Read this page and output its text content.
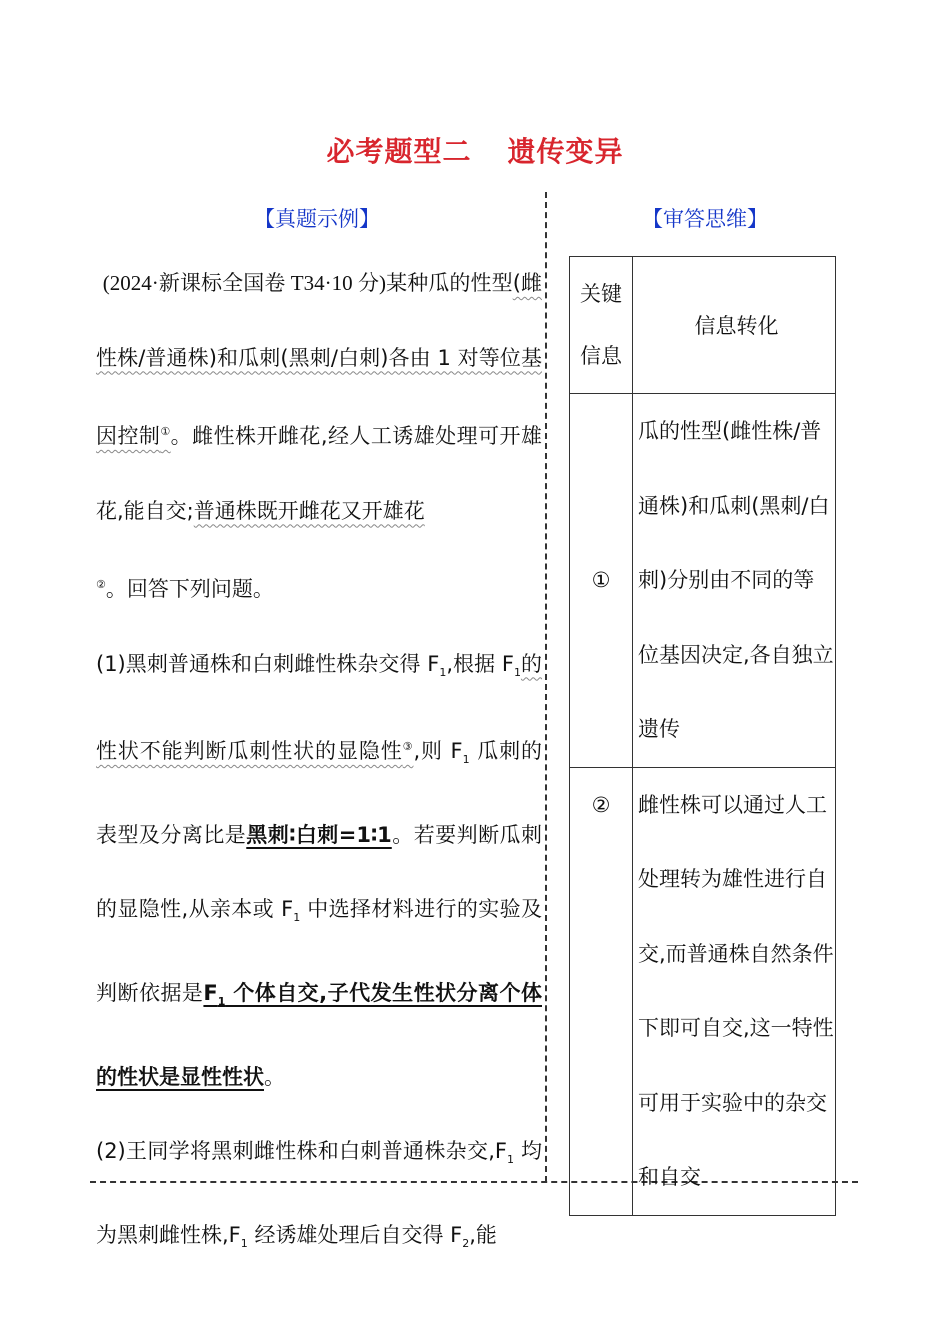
必考题型二 遗传变异
【真题示例】	【审答思维】

(2024·新课标全国卷 T34·10 分)某种瓜的性型(雌性株/普通株)和瓜刺(黑刺/白刺)各由 1 对等位基因控制①。雌性株开雌花,经人工诱雄处理可开雄花,能自交;普通株既开雌花又开雄花
②。回答下列问题。

(1)黑刺普通株和白刺雌性株杂交得 $F_1$,根据 $F_1$的性状不能判断瓜刺性状的显隐性③,则 $F_1$ 瓜刺的表型及分离比是黑刺∶白刺=1∶1。若要判断瓜刺的显隐性,从亲本或 $F_1$ 中选择材料进行的实验及判断依据是$F_1$ 个体自交,子代发生性状分离个体的性状是显性性状。

(2)王同学将黑刺雌性株和白刺普通株杂交$,F_1$ 均为黑刺雌性株$,F_1$ 经诱雄处理后自交得 $F_2$,能

关键
信息	信息转化
①	瓜的性型(雌性株/普通株)和瓜刺(黑刺/白刺)分别由不同的等位基因决定,各自独立遗传
②	雌性株可以通过人工处理转为雄性进行自交,而普通株自然条件下即可自交,这一特性可用于实验中的杂交和自交
